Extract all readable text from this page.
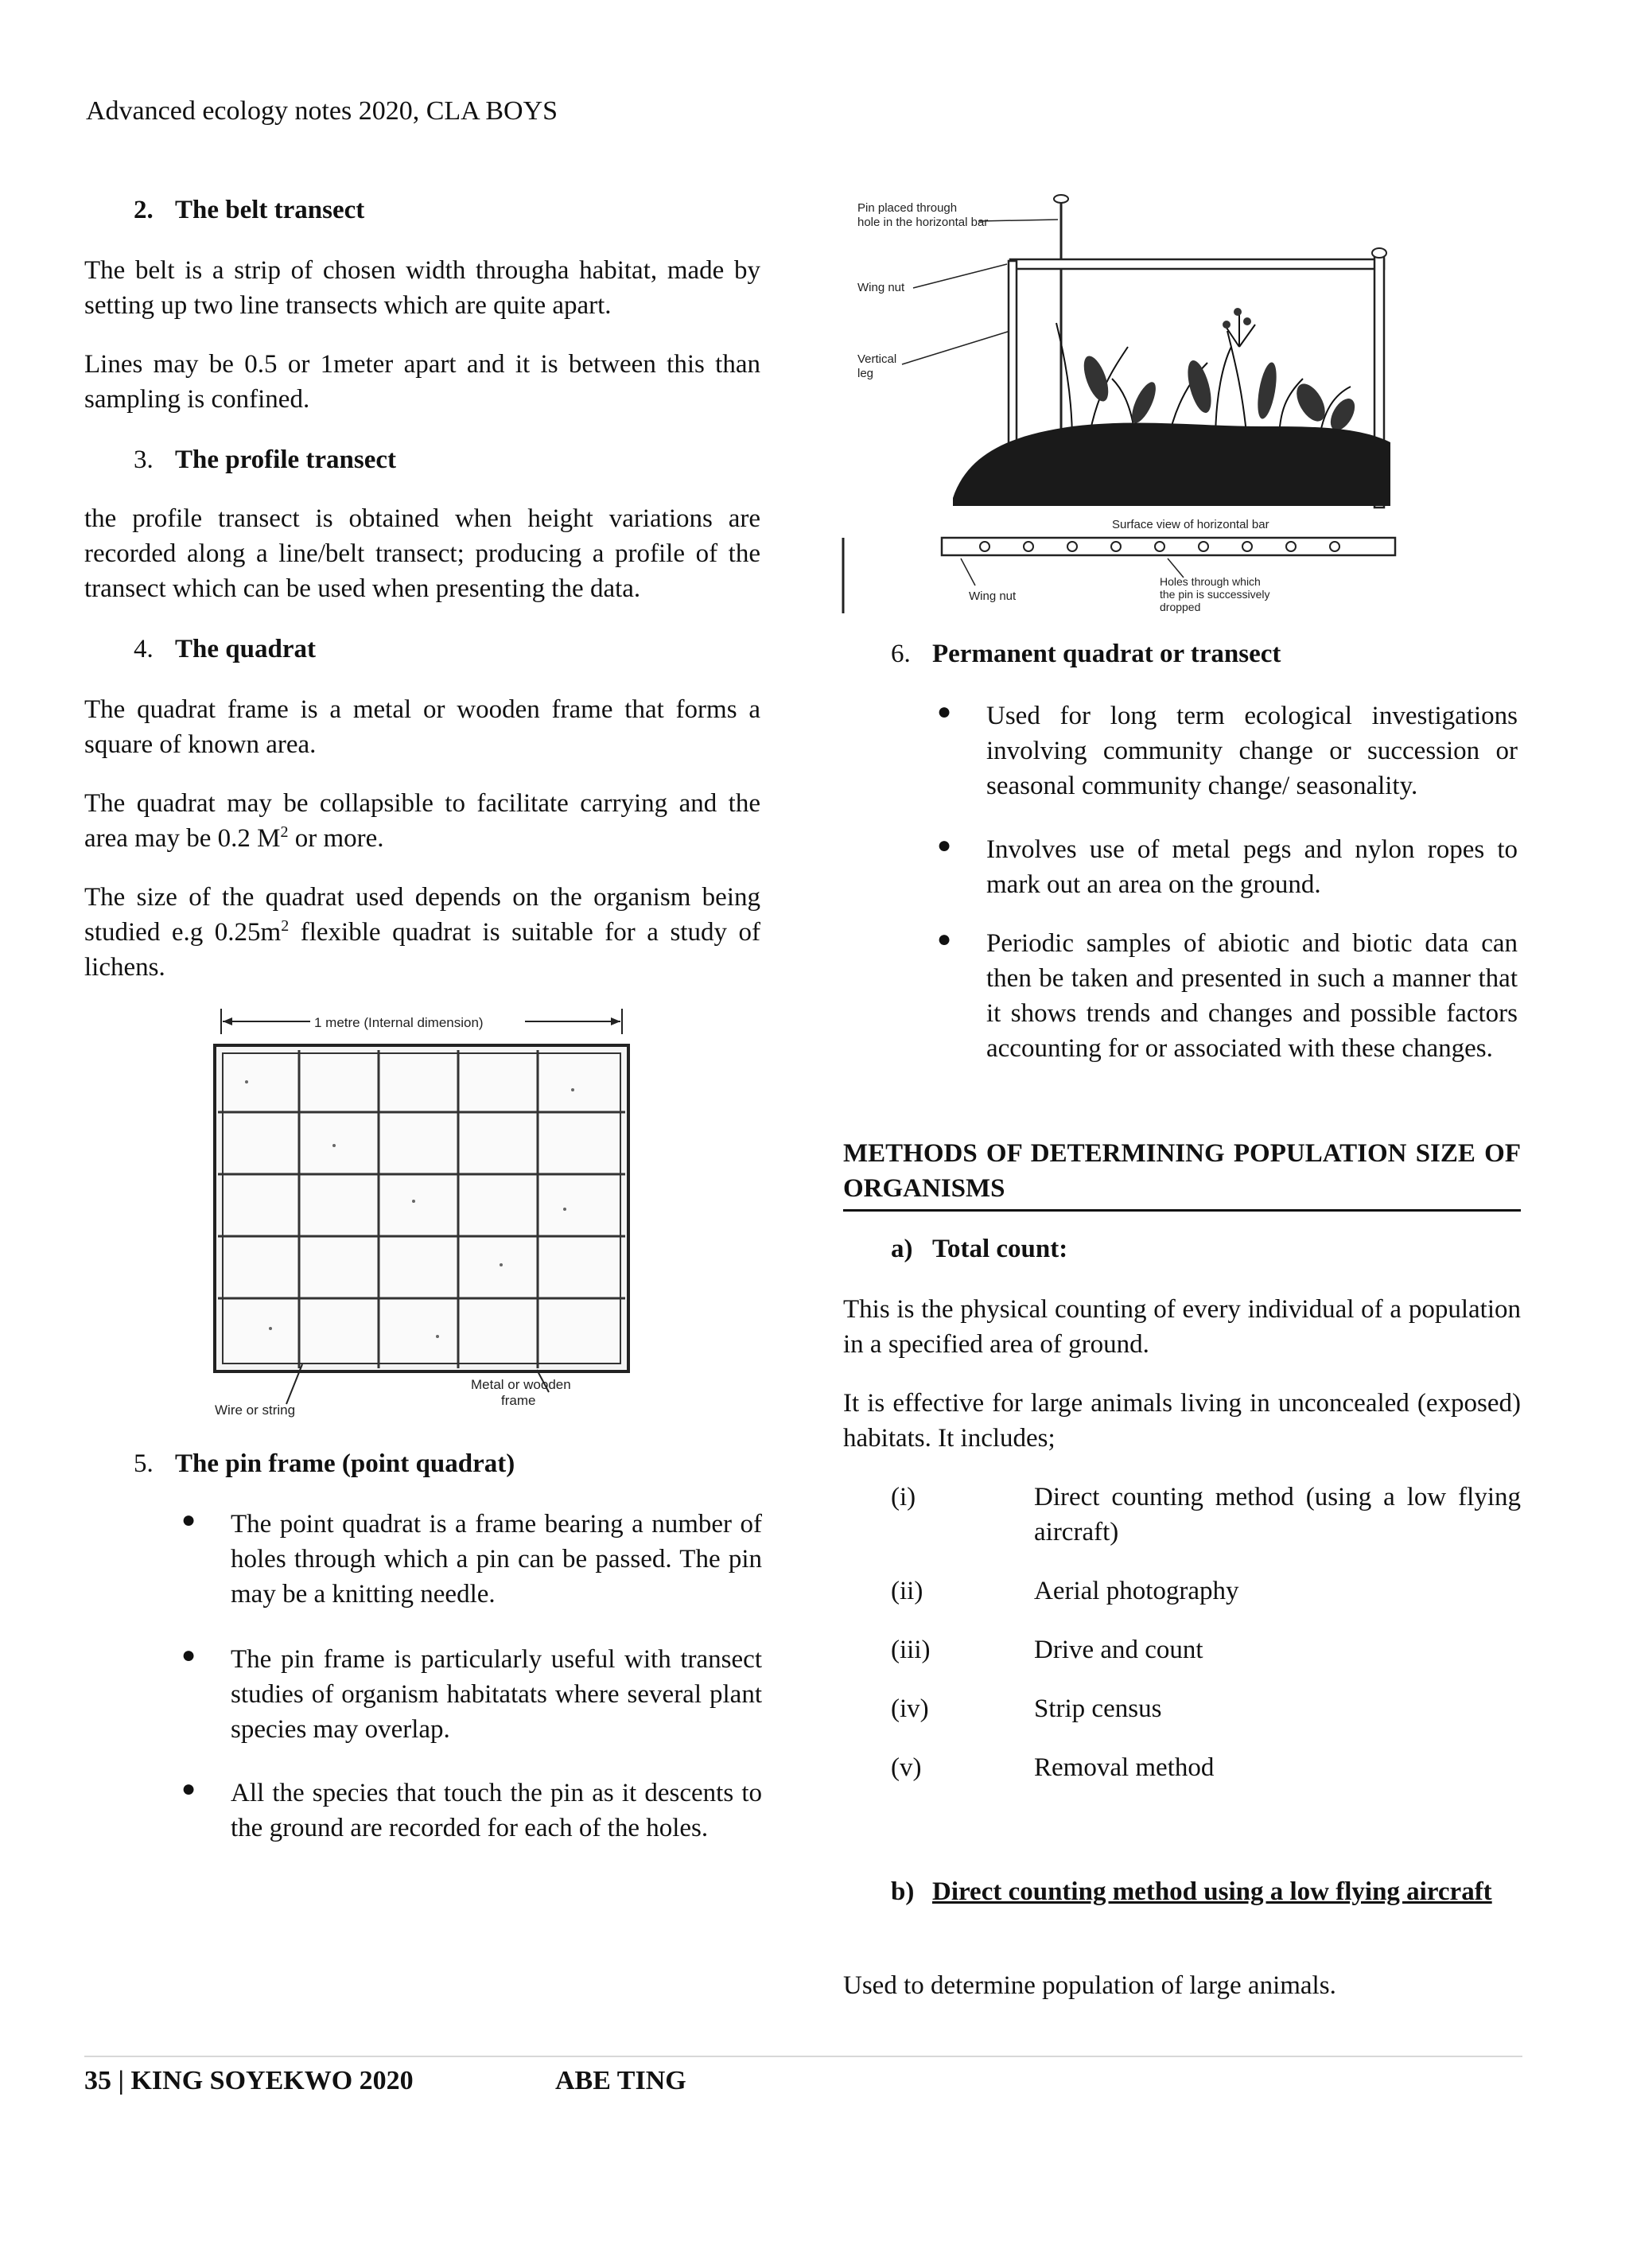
Advanced ecology notes 2020, CLA BOYS
2. The belt transect

The belt is a strip of chosen width througha habitat, made by setting up two line transects which are quite apart.

Lines may be 0.5 or 1meter apart and it is between this than sampling is confined.

3. The profile transect

the profile transect is obtained when height variations are recorded along a line/belt transect; producing a profile of the transect which can be used when presenting the data.

4. The quadrat

The quadrat frame is a metal or wooden frame that forms a square of known area.

The quadrat may be collapsible to facilitate carrying and the area may be 0.2 $M^2$ or more.

The size of the quadrat used depends on the organism being studied e.g $0.25m^2$ flexible quadrat is suitable for a study of lichens.

1 metre (Internal dimension)
Wire or string
Metal or wooden
frame
5. The pin frame (point quadrat)
● The point quadrat is a frame bearing a number of holes through which a pin can be passed. The pin may be a knitting needle.

● The pin frame is particularly useful with transect studies of organism habitatats where several plant species may overlap.

● All the species that touch the pin as it descents to the ground are recorded for each of the holes.

Pin placed through
hole in the horizontal bar
Wing nut
Vertical
leg
Surface view of horizontal bar
Wing nut
Holes through which
the pin is successively
dropped
6. Permanent quadrat or transect
● Used for long term ecological investigations involving community change or succession or seasonal community change/ seasonality.

● Involves use of metal pegs and nylon ropes to mark out an area on the ground.

● Periodic samples of abiotic and biotic data can then be taken and presented in such a manner that it shows trends and changes and possible factors accounting for or associated with these changes.

METHODS OF DETERMINING POPULATION SIZE OF ORGANISMS
a) Total count:

This is the physical counting of every individual of a population in a specified area of ground.

It is effective for large animals living in unconcealed (exposed) habitats. It includes;

(i)	Direct counting method (using a low flying aircraft)
(ii)	Aerial photography
(iii)	Drive and count
(iv)	Strip census
(v)	Removal method
b) Direct counting method using a low flying aircraft

Used to determine population of large animals.

35 | KING SOYEKWO 2020	ABE TING
